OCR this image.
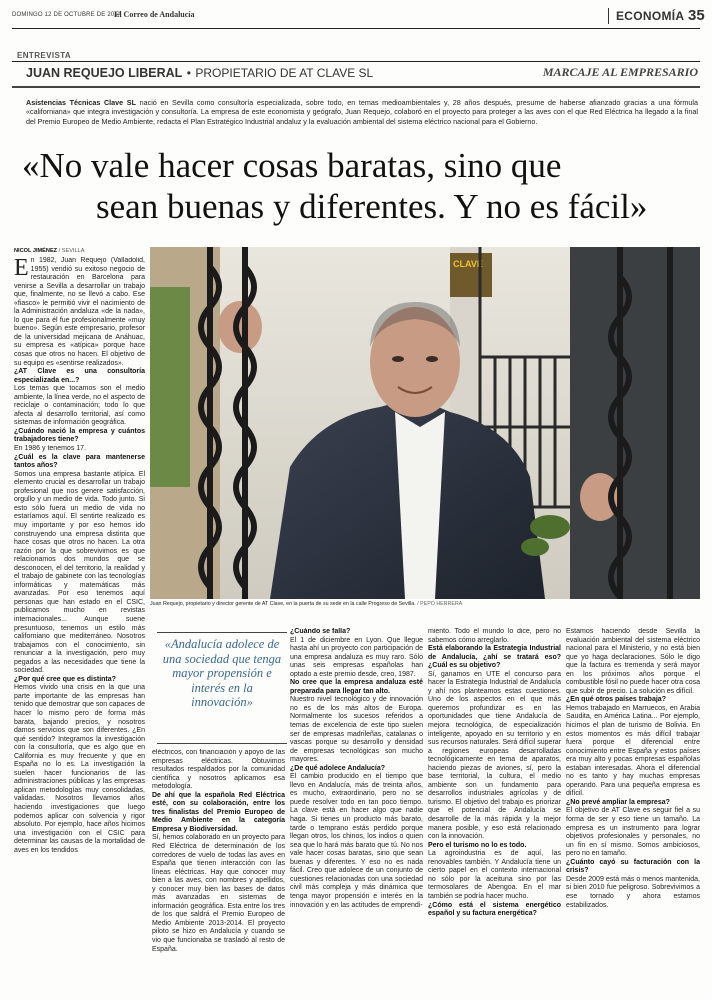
DOMINGO 12 DE OCTUBRE DE 2014
El Correo de Andalucía	ECONOMÍA 35
ENTREVISTA
JUAN REQUEJO LIBERAL • PROPIETARIO DE AT CLAVE SL	MARCAJE AL EMPRESARIO
Asistencias Técnicas Clave SL nació en Sevilla como consultoría especializada, sobre todo, en temas medioambientales y, 28 años después, presume de haberse afianzado gracias a una fórmula «californiana» que integra investigación y consultoría. La empresa de este economista y geógrafo, Juan Requejo, colaboró en el proyecto para proteger a las aves con el que Red Eléctrica ha llegado a la final del Premio Europeo de Medio Ambiente, redacta el Plan Estratégico Industrial andaluz y la evaluación ambiental del sistema eléctrico nacional para el Gobierno.
«No vale hacer cosas baratas, sino que
sean buenas y diferentes. Y no es fácil»
NICOL JIMÉNEZ / SEVILLA
CLAVE
Juan Requejo, propietario y director gerente de AT Clave, en la puerta de su sede en la calle Progreso de Sevilla. / PEPO HERRERA

En 1982, Juan Requejo (Valladolid, 1955) vendió su exitoso negocio de restauración en Barcelona para venirse a Sevilla a desarrollar un trabajo que, finalmente, no se llevó a cabo. Ese «fiasco» le permitió vivir el nacimiento de la Administración andaluza «de la nada», lo que para él fue profesionalmente «muy bueno». Según este empresario, profesor de la universidad mejicana de Anáhuac, su empresa es «atípica» porque hace cosas que otros no hacen. El objetivo de su equipo es «sentirse realizados».

¿AT Clave es una consultoría especializada en...?

Los temas que tocamos son el medio ambiente, la línea verde, no el aspecto de reciclaje o contaminación; todo lo que afecta al desarrollo territorial, así como sistemas de información geográfica.

¿Cuándo nació la empresa y cuántos trabajadores tiene?

En 1986 y tenemos 17.

¿Cuál es la clave para mantenerse tantos años?

Somos una empresa bastante atípica. El elemento crucial es desarrollar un trabajo profesional que nos genere satisfacción, orgullo y un medio de vida. Todo junto. Si esto sólo fuera un medio de vida no estaríamos aquí. El sentirte realizado es muy importante y por eso hemos ido construyendo una empresa distinta que hace cosas que otros no hacen. La otra razón por la que sobrevivimos es que relacionamos dos mundos que se desconocen, el del territorio, la realidad y el trabajo de gabinete con las tecnologías informáticas y matemáticas más avanzadas. Por eso tenemos aquí personas que han estado en el CSIC, publicamos mucho en revistas internacionales... Aunque suene presuntuoso, tenemos un estilo más californiano que mediterráneo. Nosotros trabajamos con el conocimiento, sin renunciar a la investigación, pero muy pegados a las necesidades que tiene la sociedad.

¿Por qué cree que es distinta?

Hemos vivido una crisis en la que una parte importante de las empresas han tenido que demostrar que son capaces de hacer lo mismo pero de forma más barata, bajando precios, y nosotros damos servicios que son diferentes. ¿En qué sentido? Integramos la investigación con la consultoría, que es algo que en California es muy frecuente y que en España no lo es. La investigación la suelen hacer funcionarios de las administraciones públicas y las empresas aplican metodologías muy consolidadas, validadas. Nosotros llevamos años haciendo investigaciones que luego podemos aplicar con solvencia y rigor absoluto. Por ejemplo, hace años hicimos una investigación con el CSIC para determinar las causas de la mortalidad de aves en los tendidos

«Andalucía adolece de una sociedad que tenga mayor propensión e interés en la innovación»

eléctricos, con financiación y apoyo de las empresas eléctricas. Obtuvimos resultados respaldados por la comunidad científica y nosotros aplicamos esa metodología.

De ahí que la española Red Eléctrica esté, con su colaboración, entre los tres finalistas del Premio Europeo de Medio Ambiente en la categoría Empresa y Biodiversidad.

Sí, hemos colaborado en un proyecto para Red Eléctrica de determinación de los corredores de vuelo de todas las aves en España que tienen interacción con las líneas eléctricas. Hay que conocer muy bien a las aves, con nombres y apellidos, y conocer muy bien las bases de datos más avanzadas en sistemas de información geográfica. Esta entre los tres de los que saldrá el Premio Europeo de Medio Ambiente 2013-2014. El proyecto piloto se hizo en Andalucía y cuando se vio que funcionaba se trasladó al resto de España.

¿Cuándo se falla?

El 1 de diciembre en Lyon. Que llegue hasta ahí un proyecto con participación de una empresa andaluza es muy raro. Sólo unas seis empresas españolas han optado a este premio desde, creo, 1987.

No cree que la empresa andaluza esté preparada para llegar tan alto.

Nuestro nivel tecnológico y de innovación no es de los más altos de Europa. Normalmente los sucesos referidos a temas de excelencia de este tipo suelen ser de empresas madrileñas, catalanas o vascas porque su desarrollo y densidad de empresas tecnológicas son mucho mayores.

¿De qué adolece Andalucía?

El cambio producido en el tiempo que llevo en Andalucía, más de treinta años, es mucho, extraordinario, pero no se puede resolver todo en tan poco tiempo. La clave está en hacer algo que nadie haga. Si tienes un producto más barato, tarde o temprano estás perdido porque llegan otros, los chinos, los indios o quien sea que lo hará más barato que tú. No nos vale hacer cosas baratas, sino que sean buenas y diferentes. Y eso no es nada fácil. Creo que adolece de un conjunto de cuestiones relacionadas con una sociedad civil más compleja y más dinámica que tenga mayor propensión e interés en la innovación y en las actitudes de emprendi-

miento. Todo el mundo lo dice, pero no sabemos cómo arreglarlo.

Está elaborando la Estrategia Industrial de Andalucía, ¿ahí se tratará eso? ¿Cuál es su objetivo?

Sí, ganamos en UTE el concurso para hacer la Estrategia Industrial de Andalucía y ahí nos planteamos estas cuestiones. Uno de los aspectos en el que más queremos profundizar es en las oportunidades que tiene Andalucía de mejora tecnológica, de especialización inteligente, apoyado en su territorio y en sus recursos naturales. Será difícil superar a regiones europeas desarrolladas tecnológicamente en tema de aparatos, haciendo piezas de aviones, sí, pero la base territorial, la cultura, el medio ambiente son un fundamento para desarrollos industriales agrícolas y de turismo. El objetivo del trabajo es priorizar que el potencial de Andalucía se desarrolle de la más rápida y la mejor manera posible, y eso está relacionado con la innovación.

Pero el turismo no lo es todo.

La agroindustria es de aquí, las renovables también. Y Andalucía tiene un cierto papel en el contexto internacional no sólo por la aceituna sino por las termosolares de Abengoa. En el mar también se podría hacer mucho.

¿Cómo está el sistema energético español y su factura energética?

Estamos haciendo desde Sevilla la evaluación ambiental del sistema eléctrico nacional para el Ministerio, y no está bien que yo haga declaraciones. Sólo le digo que la factura es tremenda y será mayor en los próximos años porque el combustible fósil no puede hacer otra cosa que subir de precio. La solución es difícil.

¿En qué otros países trabaja?

Hemos trabajado en Marruecos, en Arabia Saudita, en América Latina... Por ejemplo, hicimos el plan de turismo de Bolivia. En estos momentos es más difícil trabajar fuera porque el diferencial entre conocimiento entre España y estos países era muy alto y pocas empresas españolas estaban interesadas. Ahora el diferencial no es tanto y hay muchas empresas operando. Para una pequeña empresa es difícil.

¿No prevé ampliar la empresa?

El objetivo de AT Clave es seguir fiel a su forma de ser y eso tiene un tamaño. La empresa es un instrumento para lograr objetivos profesionales y personales, no un fin en sí mismo. Somos ambiciosos, pero no en tamaño.

¿Cuánto cayó su facturación con la crisis?

Desde 2009 está más o menos mantenida, si bien 2010 fue peligroso. Sobrevivimos a ese tornado y ahora estamos estabilizados.
